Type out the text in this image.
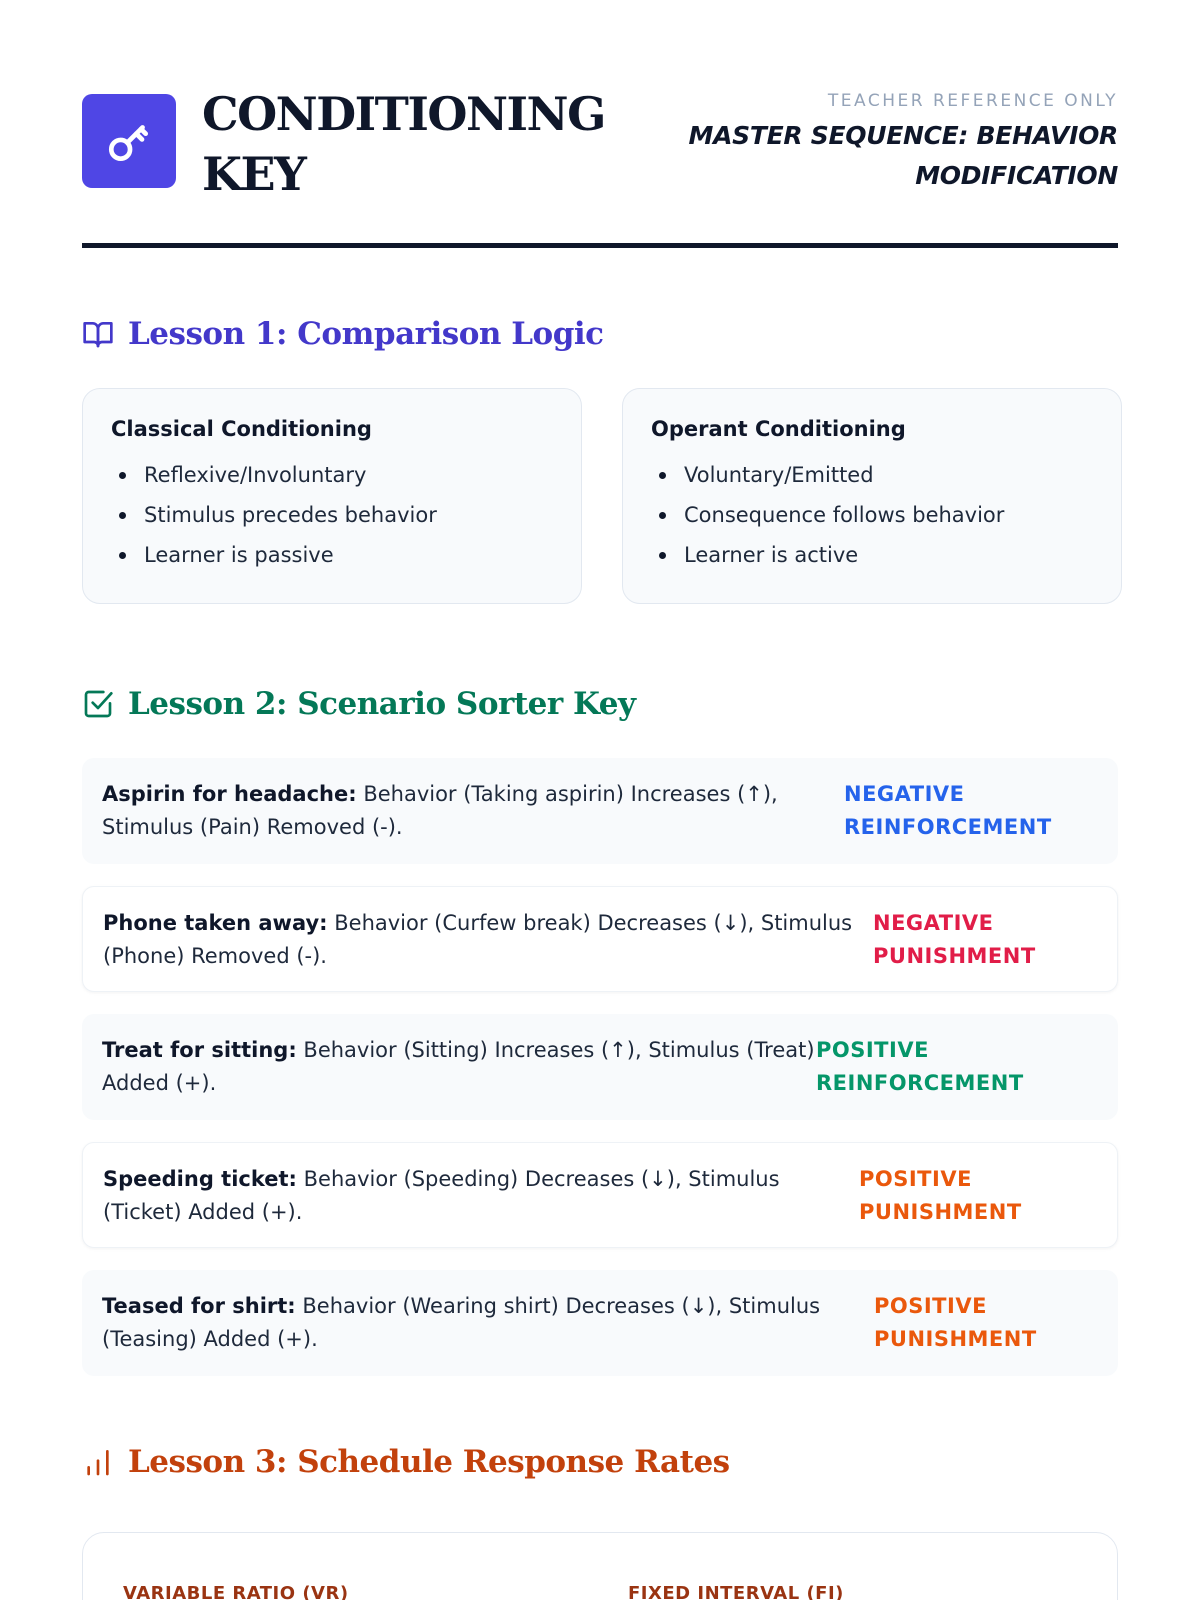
CONDITIONING KEY
TEACHER REFERENCE ONLY
MASTER SEQUENCE: BEHAVIOR MODIFICATION
Lesson 1: Comparison Logic
Classical Conditioning
Reflexive/Involuntary
Stimulus precedes behavior
Learner is passive
Operant Conditioning
Voluntary/Emitted
Consequence follows behavior
Learner is active
Lesson 2: Scenario Sorter Key
Aspirin for headache: Behavior (Taking aspirin) Increases (↑), Stimulus (Pain) Removed (-).
NEGATIVE REINFORCEMENT
Phone taken away: Behavior (Curfew break) Decreases (↓), Stimulus (Phone) Removed (-).
NEGATIVE PUNISHMENT
Treat for sitting: Behavior (Sitting) Increases (↑), Stimulus (Treat) Added (+).
POSITIVE REINFORCEMENT
Speeding ticket: Behavior (Speeding) Decreases (↓), Stimulus (Ticket) Added (+).
POSITIVE PUNISHMENT
Teased for shirt: Behavior (Wearing shirt) Decreases (↓), Stimulus (Teasing) Added (+).
POSITIVE PUNISHMENT
Lesson 3: Schedule Response Rates
VARIABLE RATIO (VR)	FIXED INTERVAL (FI)
